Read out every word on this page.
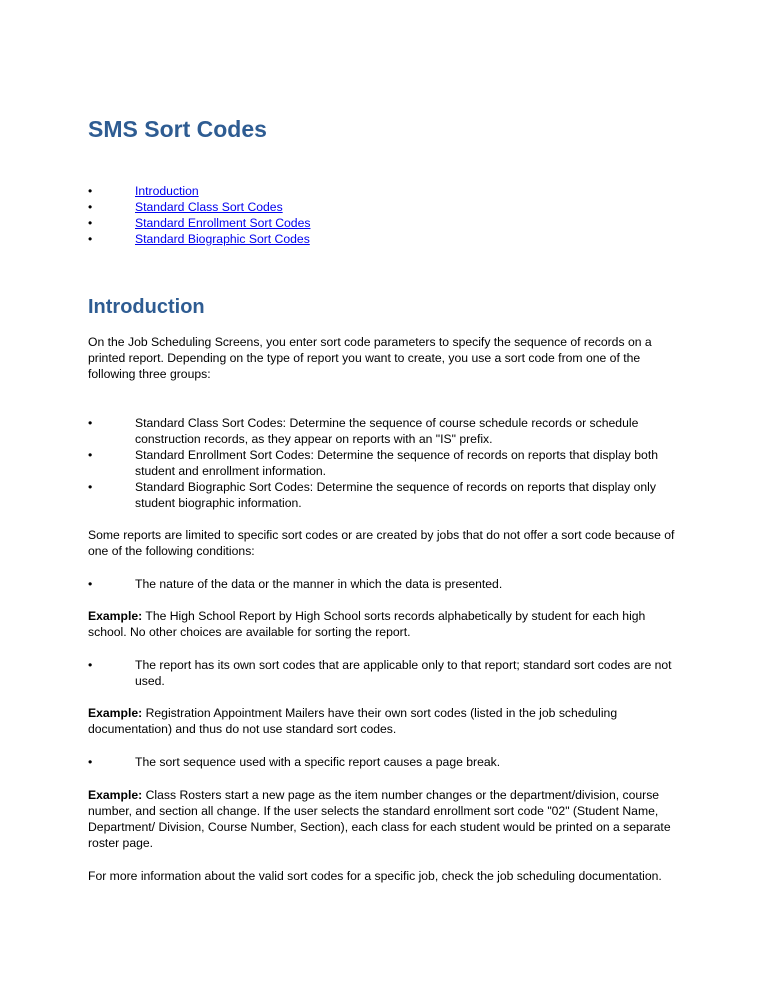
SMS Sort Codes
• Introduction
• Standard Class Sort Codes
• Standard Enrollment Sort Codes
• Standard Biographic Sort Codes
Introduction

On the Job Scheduling Screens, you enter sort code parameters to specify the sequence of records on a printed report. Depending on the type of report you want to create, you use a sort code from one of the following three groups:

• Standard Class Sort Codes: Determine the sequence of course schedule records or schedule construction records, as they appear on reports with an "IS" prefix.
• Standard Enrollment Sort Codes: Determine the sequence of records on reports that display both student and enrollment information.
• Standard Biographic Sort Codes: Determine the sequence of records on reports that display only student biographic information.

Some reports are limited to specific sort codes or are created by jobs that do not offer a sort code because of one of the following conditions:

• The nature of the data or the manner in which the data is presented.

Example: The High School Report by High School sorts records alphabetically by student for each high school. No other choices are available for sorting the report.

• The report has its own sort codes that are applicable only to that report; standard sort codes are not used.

Example: Registration Appointment Mailers have their own sort codes (listed in the job scheduling documentation) and thus do not use standard sort codes.

• The sort sequence used with a specific report causes a page break.

Example: Class Rosters start a new page as the item number changes or the department/division, course number, and section all change. If the user selects the standard enrollment sort code "02" (Student Name, Department/ Division, Course Number, Section), each class for each student would be printed on a separate roster page.

For more information about the valid sort codes for a specific job, check the job scheduling documentation.
